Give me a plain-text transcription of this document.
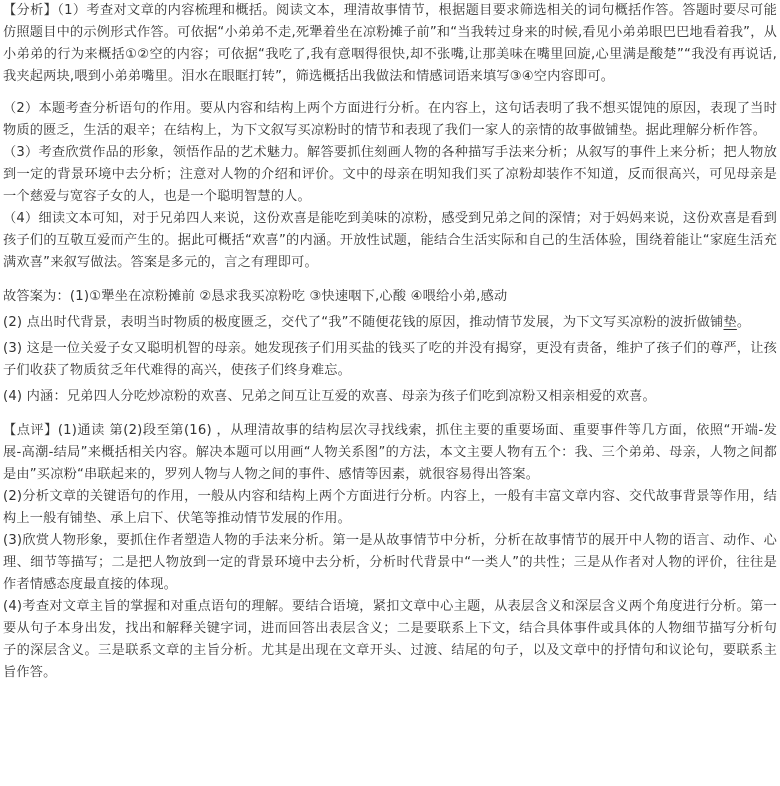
【分析】（1）考查对文章的内容梳理和概括。阅读文本，理清故事情节，根据题目要求筛选相关的词句概括作答。答题时要尽可能仿照题目中的示例形式作答。可依据“小弟弟不走,死犟着坐在凉粉摊子前”和“当我转过身来的时候,看见小弟弟眼巴巴地看着我”，从小弟弟的行为来概括①②空的内容；可依据“我吃了,我有意咽得很快,却不张嘴,让那美味在嘴里回旋,心里满是酸楚”“我没有再说话,我夹起两块,喂到小弟弟嘴里。泪水在眼眶打转”，筛选概括出我做法和情感词语来填写③④空内容即可。

（2）本题考查分析语句的作用。要从内容和结构上两个方面进行分析。在内容上，这句话表明了我不想买馄饨的原因，表现了当时物质的匮乏，生活的艰辛；在结构上，为下文叙写买凉粉时的情节和表现了我们一家人的亲情的故事做铺垫。据此理解分析作答。

（3）考查欣赏作品的形象，领悟作品的艺术魅力。解答要抓住刻画人物的各种描写手法来分析；从叙写的事件上来分析；把人物放到一定的背景环境中去分析；注意对人物的介绍和评价。文中的母亲在明知我们买了凉粉却装作不知道，反而很高兴，可见母亲是一个慈爱与宽容子女的人，也是一个聪明智慧的人。

（4）细读文本可知，对于兄弟四人来说，这份欢喜是能吃到美味的凉粉，感受到兄弟之间的深情；对于妈妈来说，这份欢喜是看到孩子们的互敬互爱而产生的。据此可概括“欢喜”的内涵。开放性试题，能结合生活实际和自己的生活体验，围绕着能让“家庭生活充满欢喜”来叙写做法。答案是多元的，言之有理即可。

故答案为：(1)①犟坐在凉粉摊前 ②恳求我买凉粉吃 ③快速咽下,心酸 ④喂给小弟,感动

(2) 点出时代背景，表明当时物质的极度匮乏，交代了“我”不随便花钱的原因，推动情节发展，为下文写买凉粉的波折做铺垫。

(3) 这是一位关爱子女又聪明机智的母亲。她发现孩子们用买盐的钱买了吃的并没有揭穿，更没有责备，维护了孩子们的尊严，让孩子们收获了物质贫乏年代难得的高兴，使孩子们终身难忘。

(4) 内涵：兄弟四人分吃炒凉粉的欢喜、兄弟之间互让互爱的欢喜、母亲为孩子们吃到凉粉又相亲相爱的欢喜。

【点评】(1)通读 第(2)段至第(16) ，从理清故事的结构层次寻找线索，抓住主要的重要场面、重要事件等几方面，依照“开端-发展-高潮-结局”来概括相关内容。解决本题可以用画“人物关系图”的方法，本文主要人物有五个：我、三个弟弟、母亲，人物之间都是由”买凉粉“串联起来的，罗列人物与人物之间的事件、感情等因素，就很容易得出答案。

(2)分析文章的关键语句的作用，一般从内容和结构上两个方面进行分析。内容上，一般有丰富文章内容、交代故事背景等作用，结构上一般有铺垫、承上启下、伏笔等推动情节发展的作用。

(3)欣赏人物形象，要抓住作者塑造人物的手法来分析。第一是从故事情节中分析，分析在故事情节的展开中人物的语言、动作、心理、细节等描写；二是把人物放到一定的背景环境中去分析，分析时代背景中“一类人”的共性；三是从作者对人物的评价，往往是作者情感态度最直接的体现。

(4)考查对文章主旨的掌握和对重点语句的理解。要结合语境，紧扣文章中心主题，从表层含义和深层含义两个角度进行分析。第一要从句子本身出发，找出和解释关键字词，进而回答出表层含义；二是要联系上下文，结合具体事件或具体的人物细节描写分析句子的深层含义。三是联系文章的主旨分析。尤其是出现在文章开头、过渡、结尾的句子，以及文章中的抒情句和议论句，要联系主旨作答。
